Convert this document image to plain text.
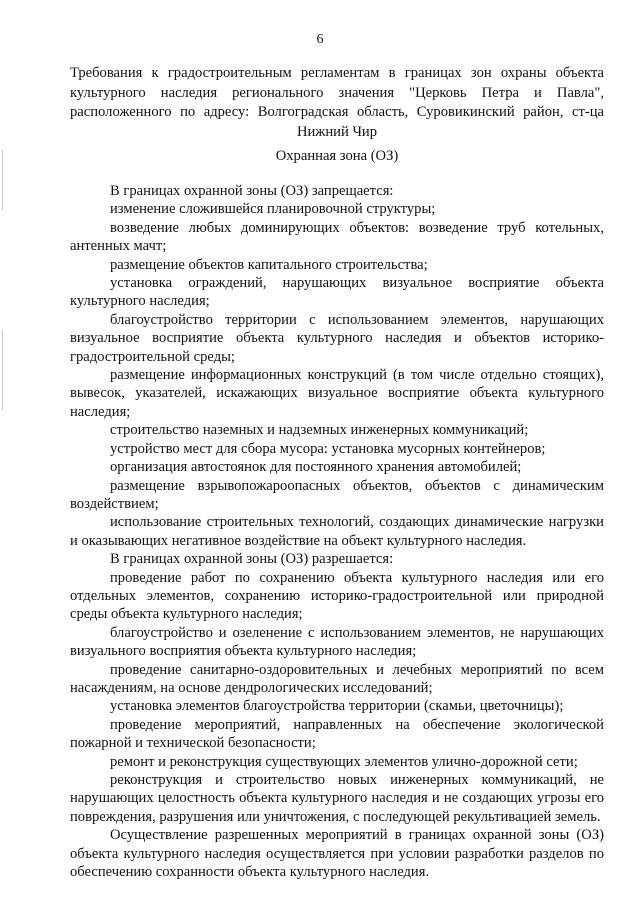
6
Требования к градостроительным регламентам в границах зон охраны объекта культурного наследия регионального значения "Церковь Петра и Павла", расположенного по адресу: Волгоградская область, Суровикинский район, ст-ца Нижний Чир
Охранная зона (ОЗ)

В границах охранной зоны (ОЗ) запрещается:

изменение сложившейся планировочной структуры;

возведение любых доминирующих объектов: возведение труб котельных, антенных мачт;

размещение объектов капитального строительства;

установка ограждений, нарушающих визуальное восприятие объекта культурного наследия;

благоустройство территории с использованием элементов, нарушающих визуальное восприятие объекта культурного наследия и объектов историко-градостроительной среды;

размещение информационных конструкций (в том числе отдельно стоящих), вывесок, указателей, искажающих визуальное восприятие объекта культурного наследия;

строительство наземных и надземных инженерных коммуникаций;

устройство мест для сбора мусора: установка мусорных контейнеров;

организация автостоянок для постоянного хранения автомобилей;

размещение взрывопожароопасных объектов, объектов с динамическим воздействием;

использование строительных технологий, создающих динамические нагрузки и оказывающих негативное воздействие на объект культурного наследия.

В границах охранной зоны (ОЗ) разрешается:

проведение работ по сохранению объекта культурного наследия или его отдельных элементов, сохранению историко-градостроительной или природной среды объекта культурного наследия;

благоустройство и озеленение с использованием элементов, не нарушающих визуального восприятия объекта культурного наследия;

проведение санитарно-оздоровительных и лечебных мероприятий по всем насаждениям, на основе дендрологических исследований;

установка элементов благоустройства территории (скамьи, цветочницы);

проведение мероприятий, направленных на обеспечение экологической пожарной и технической безопасности;

ремонт и реконструкция существующих элементов улично-дорожной сети;

реконструкция и строительство новых инженерных коммуникаций, не нарушающих целостность объекта культурного наследия и не создающих угрозы его повреждения, разрушения или уничтожения, с последующей рекультивацией земель.

Осуществление разрешенных мероприятий в границах охранной зоны (ОЗ) объекта культурного наследия осуществляется при условии разработки разделов по обеспечению сохранности объекта культурного наследия.
